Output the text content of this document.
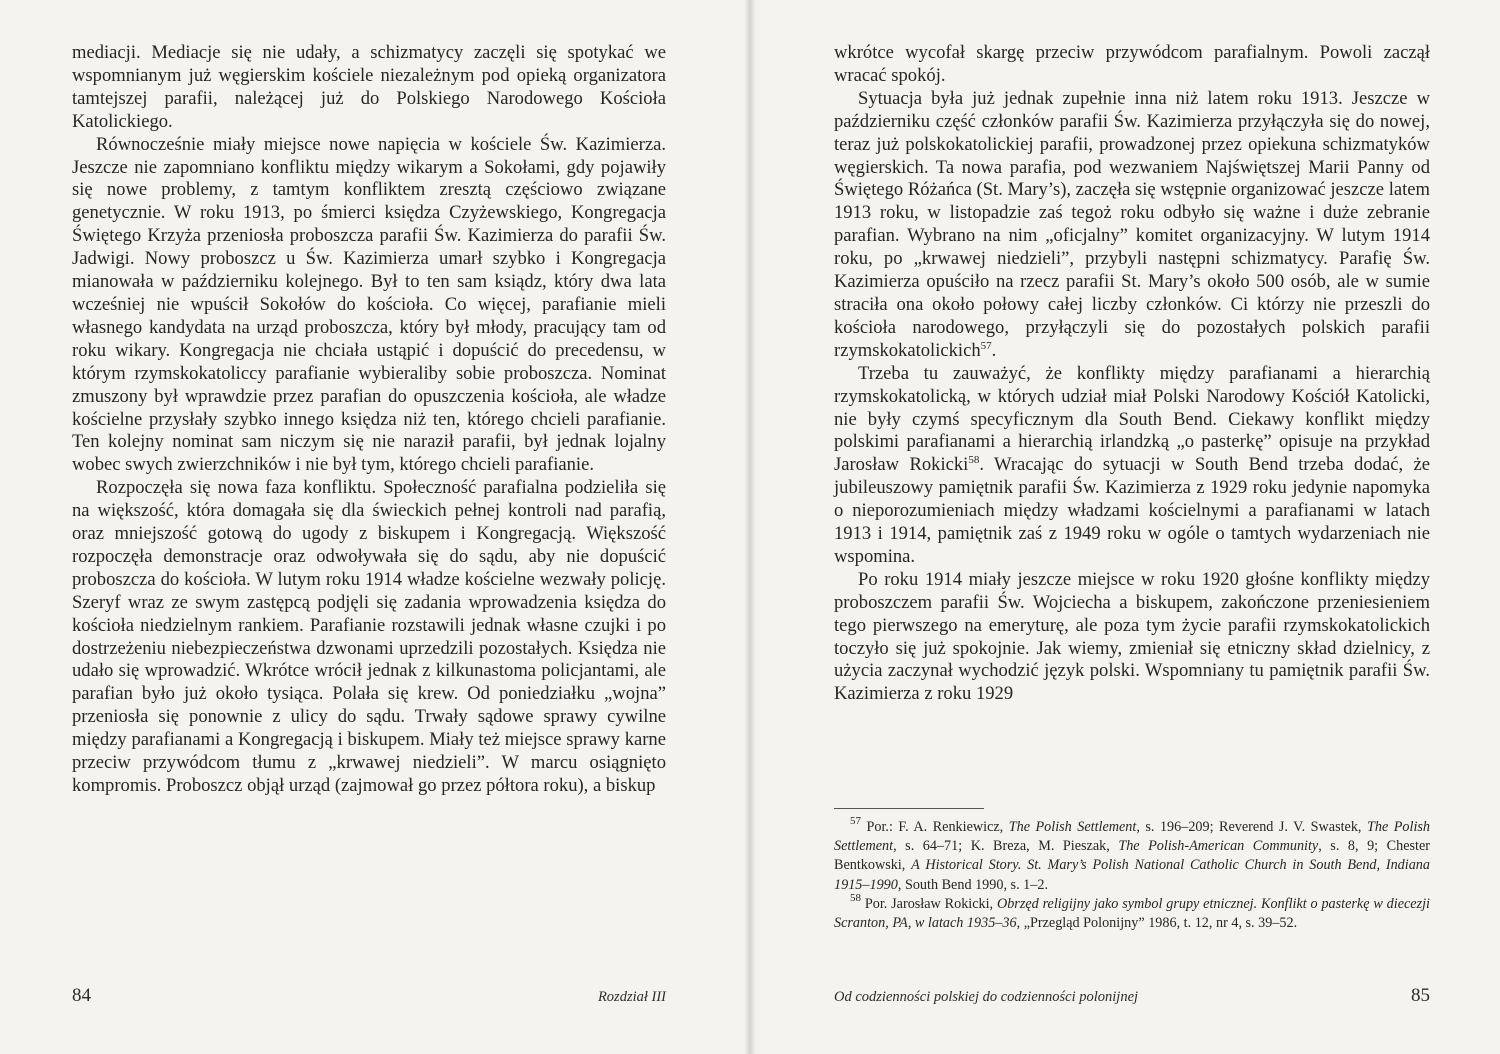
mediacji. Mediacje się nie udały, a schizmatycy zaczęli się spotykać we wspomnianym już węgierskim kościele niezależnym pod opieką organizatora tamtejszej parafii, należącej już do Polskiego Narodowego Kościoła Katolickiego.

Równocześnie miały miejsce nowe napięcia w kościele Św. Kazimierza. Jeszcze nie zapomniano konfliktu między wikarym a Sokołami, gdy pojawiły się nowe problemy, z tamtym konfliktem zresztą częściowo związane genetycznie. W roku 1913, po śmierci księdza Czyżewskiego, Kongregacja Świętego Krzyża przeniosła proboszcza parafii Św. Kazimierza do parafii Św. Jadwigi. Nowy proboszcz u Św. Kazimierza umarł szybko i Kongregacja mianowała w październiku kolejnego. Był to ten sam ksiądz, który dwa lata wcześniej nie wpuścił Sokołów do kościoła. Co więcej, parafianie mieli własnego kandydata na urząd proboszcza, który był młody, pracujący tam od roku wikary. Kongregacja nie chciała ustąpić i dopuścić do precedensu, w którym rzymskokatoliccy parafianie wybieraliby sobie proboszcza. Nominat zmuszony był wprawdzie przez parafian do opuszczenia kościoła, ale władze kościelne przysłały szybko innego księdza niż ten, którego chcieli parafianie. Ten kolejny nominat sam niczym się nie naraził parafii, był jednak lojalny wobec swych zwierzchników i nie był tym, którego chcieli parafianie.

Rozpoczęła się nowa faza konfliktu. Społeczność parafialna podzieliła się na większość, która domagała się dla świeckich pełnej kontroli nad parafią, oraz mniejszość gotową do ugody z biskupem i Kongregacją. Większość rozpoczęła demonstracje oraz odwoływała się do sądu, aby nie dopuścić proboszcza do kościoła. W lutym roku 1914 władze kościelne wezwały policję. Szeryf wraz ze swym zastępcą podjęli się zadania wprowadzenia księdza do kościoła niedzielnym rankiem. Parafianie rozstawili jednak własne czujki i po dostrzeżeniu niebezpieczeństwa dzwonami uprzedzili pozostałych. Księdza nie udało się wprowadzić. Wkrótce wrócił jednak z kilkunastoma policjantami, ale parafian było już około tysiąca. Polała się krew. Od poniedziałku „wojna” przeniosła się ponownie z ulicy do sądu. Trwały sądowe sprawy cywilne między parafianami a Kongregacją i biskupem. Miały też miejsce sprawy karne przeciw przywódcom tłumu z „krwawej niedzieli”. W marcu osiągnięto kompromis. Proboszcz objął urząd (zajmował go przez półtora roku), a biskup

wkrótce wycofał skargę przeciw przywódcom parafialnym. Powoli zaczął wracać spokój.

Sytuacja była już jednak zupełnie inna niż latem roku 1913. Jeszcze w październiku część członków parafii Św. Kazimierza przyłączyła się do nowej, teraz już polskokatolickiej parafii, prowadzonej przez opiekuna schizmatyków węgierskich. Ta nowa parafia, pod wezwaniem Najświętszej Marii Panny od Świętego Różańca (St. Mary’s), zaczęła się wstępnie organizować jeszcze latem 1913 roku, w listopadzie zaś tegoż roku odbyło się ważne i duże zebranie parafian. Wybrano na nim „oficjalny” komitet organizacyjny. W lutym 1914 roku, po „krwawej niedzieli”, przybyli następni schizmatycy. Parafię Św. Kazimierza opuściło na rzecz parafii St. Mary’s około 500 osób, ale w sumie straciła ona około połowy całej liczby członków. Ci którzy nie przeszli do kościoła narodowego, przyłączyli się do pozostałych polskich parafii rzymskokatolickich$^{57}$.

Trzeba tu zauważyć, że konflikty między parafianami a hierarchią rzymskokatolicką, w których udział miał Polski Narodowy Kościół Katolicki, nie były czymś specyficznym dla South Bend. Ciekawy konflikt między polskimi parafianami a hierarchią irlandzką „o pasterkę” opisuje na przykład Jarosław Rokicki$^{58}$. Wracając do sytuacji w South Bend trzeba dodać, że jubileuszowy pamiętnik parafii Św. Kazimierza z 1929 roku jedynie napomyka o nieporozumieniach między władzami kościelnymi a parafianami w latach 1913 i 1914, pamiętnik zaś z 1949 roku w ogóle o tamtych wydarzeniach nie wspomina.

Po roku 1914 miały jeszcze miejsce w roku 1920 głośne konflikty między proboszczem parafii Św. Wojciecha a biskupem, zakończone przeniesieniem tego pierwszego na emeryturę, ale poza tym życie parafii rzymskokatolickich toczyło się już spokojnie. Jak wiemy, zmieniał się etniczny skład dzielnicy, z użycia zaczynał wychodzić język polski. Wspomniany tu pamiętnik parafii Św. Kazimierza z roku 1929

$^{57}$ Por.: F. A. Renkiewicz, The Polish Settlement, s. 196–209; Reverend J. V. Swastek, The Polish Settlement, s. 64–71; K. Breza, M. Pieszak, The Polish-American Community, s. 8, 9; Chester Bentkowski, A Historical Story. St. Mary’s Polish National Catholic Church in South Bend, Indiana 1915–1990, South Bend 1990, s. 1–2.

$^{58}$ Por. Jarosław Rokicki, Obrzęd religijny jako symbol grupy etnicznej. Konflikt o pasterkę w diecezji Scranton, PA, w latach 1935–36, „Przegląd Polonijny” 1986, t. 12, nr 4, s. 39–52.

84	Rozdział III	Od codzienności polskiej do codzienności polonijnej	85
